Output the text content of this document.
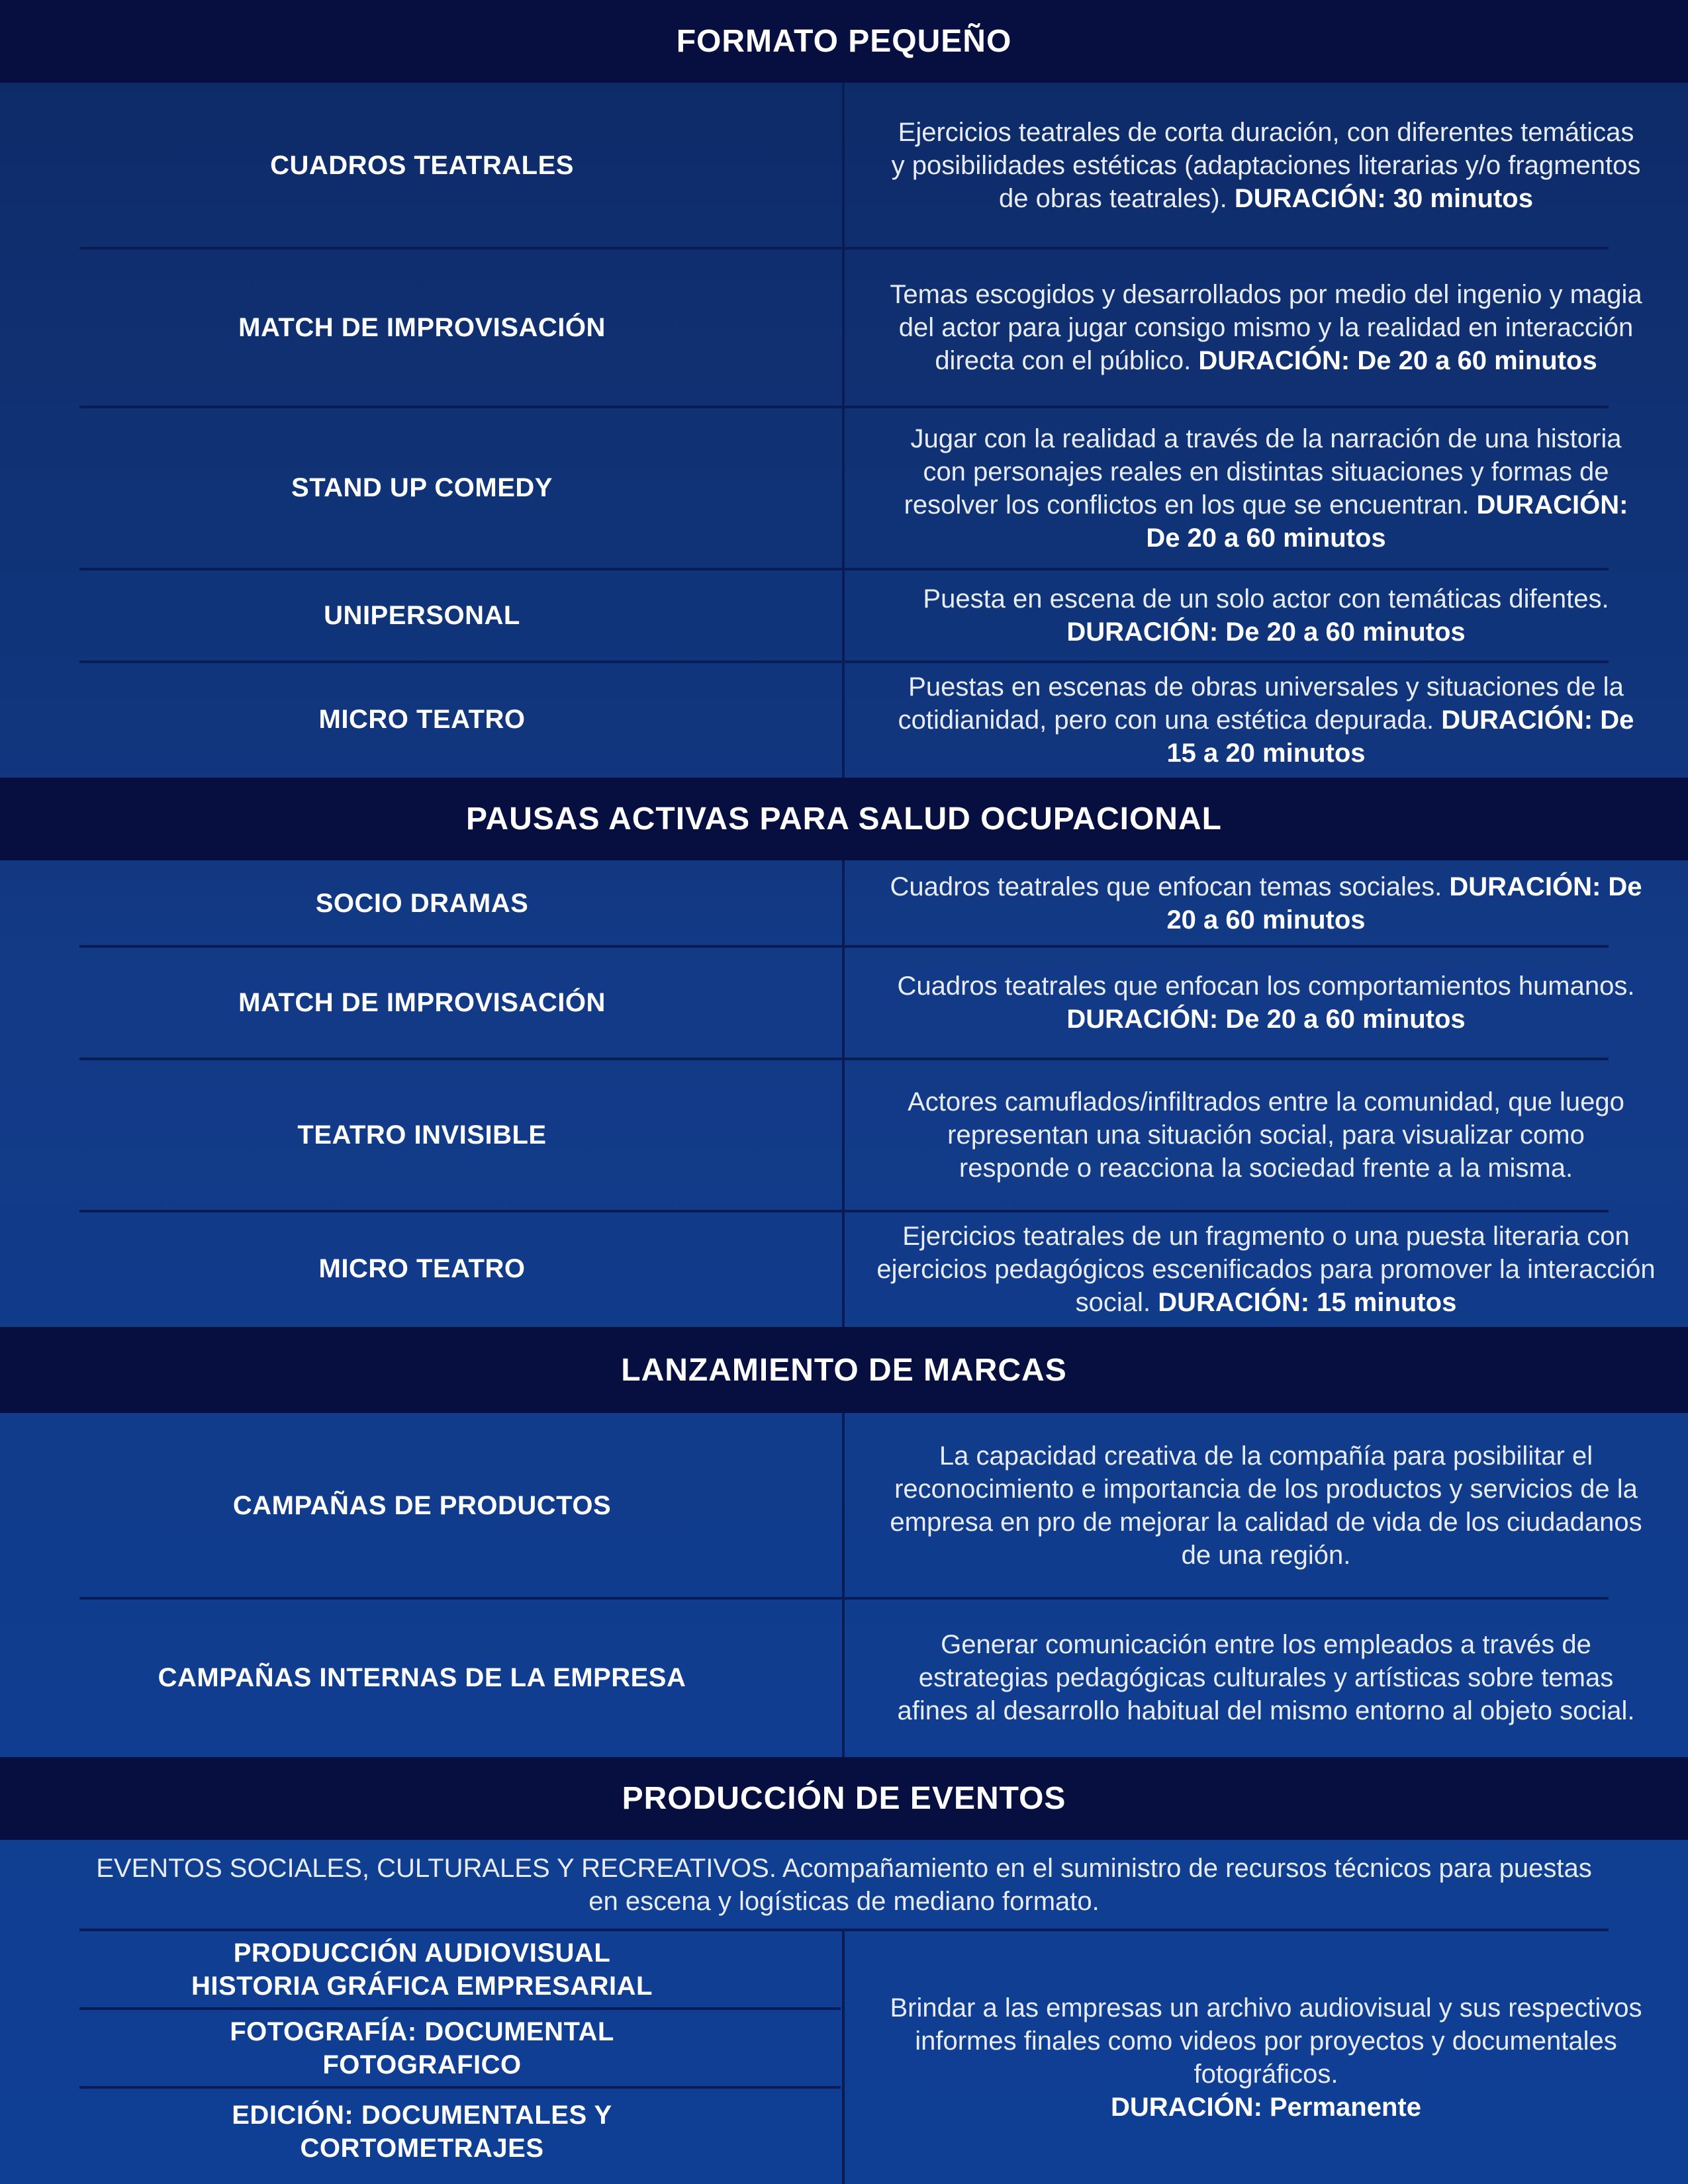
FORMATO PEQUEÑO
CUADROS TEATRALES
Ejercicios teatrales de corta duración, con diferentes temáticas y posibilidades estéticas (adaptaciones literarias y/o fragmentos de obras teatrales). DURACIÓN: 30 minutos
MATCH DE IMPROVISACIÓN
Temas escogidos y desarrollados por medio del ingenio y magia del actor para jugar consigo mismo y la realidad en interacción directa con el público. DURACIÓN: De 20 a 60 minutos
STAND UP COMEDY
Jugar con la realidad a través de la narración de una historia con personajes reales en distintas situaciones y formas de resolver los conflictos en los que se encuentran. DURACIÓN: De 20 a 60 minutos
UNIPERSONAL
Puesta en escena de un solo actor con temáticas difentes. DURACIÓN: De 20 a 60 minutos
MICRO TEATRO
Puestas en escenas de obras universales y situaciones de la cotidianidad, pero con una estética depurada. DURACIÓN: De 15 a 20 minutos
PAUSAS ACTIVAS PARA SALUD OCUPACIONAL
SOCIO DRAMAS
Cuadros teatrales que enfocan temas sociales. DURACIÓN: De 20 a 60 minutos
MATCH DE IMPROVISACIÓN
Cuadros teatrales que enfocan los comportamientos humanos. DURACIÓN: De 20 a 60 minutos
TEATRO INVISIBLE
Actores camuflados/infiltrados entre la comunidad, que luego representan una situación social, para visualizar como responde o reacciona la sociedad frente a la misma.
MICRO TEATRO
Ejercicios teatrales de un fragmento o una puesta literaria con ejercicios pedagógicos escenificados para promover la interacción social. DURACIÓN: 15 minutos
LANZAMIENTO DE MARCAS
CAMPAÑAS DE PRODUCTOS
La capacidad creativa de la compañía para posibilitar el reconocimiento e importancia de los productos y servicios de la empresa en pro de mejorar la calidad de vida de los ciudadanos de una región.
CAMPAÑAS INTERNAS DE LA EMPRESA
Generar comunicación entre los empleados a través de estrategias pedagógicas culturales y artísticas sobre temas afines al desarrollo habitual del mismo entorno al objeto social.
PRODUCCIÓN DE EVENTOS
EVENTOS SOCIALES, CULTURALES Y RECREATIVOS. Acompañamiento en el suministro de recursos técnicos para puestas en escena y logísticas de mediano formato.
PRODUCCIÓN AUDIOVISUAL
HISTORIA GRÁFICA EMPRESARIAL
FOTOGRAFÍA: DOCUMENTAL
FOTOGRAFICO
EDICIÓN: DOCUMENTALES Y
CORTOMETRAJES
Brindar a las empresas un archivo audiovisual y sus respectivos informes finales como videos por proyectos y documentales fotográficos.
DURACIÓN: Permanente
